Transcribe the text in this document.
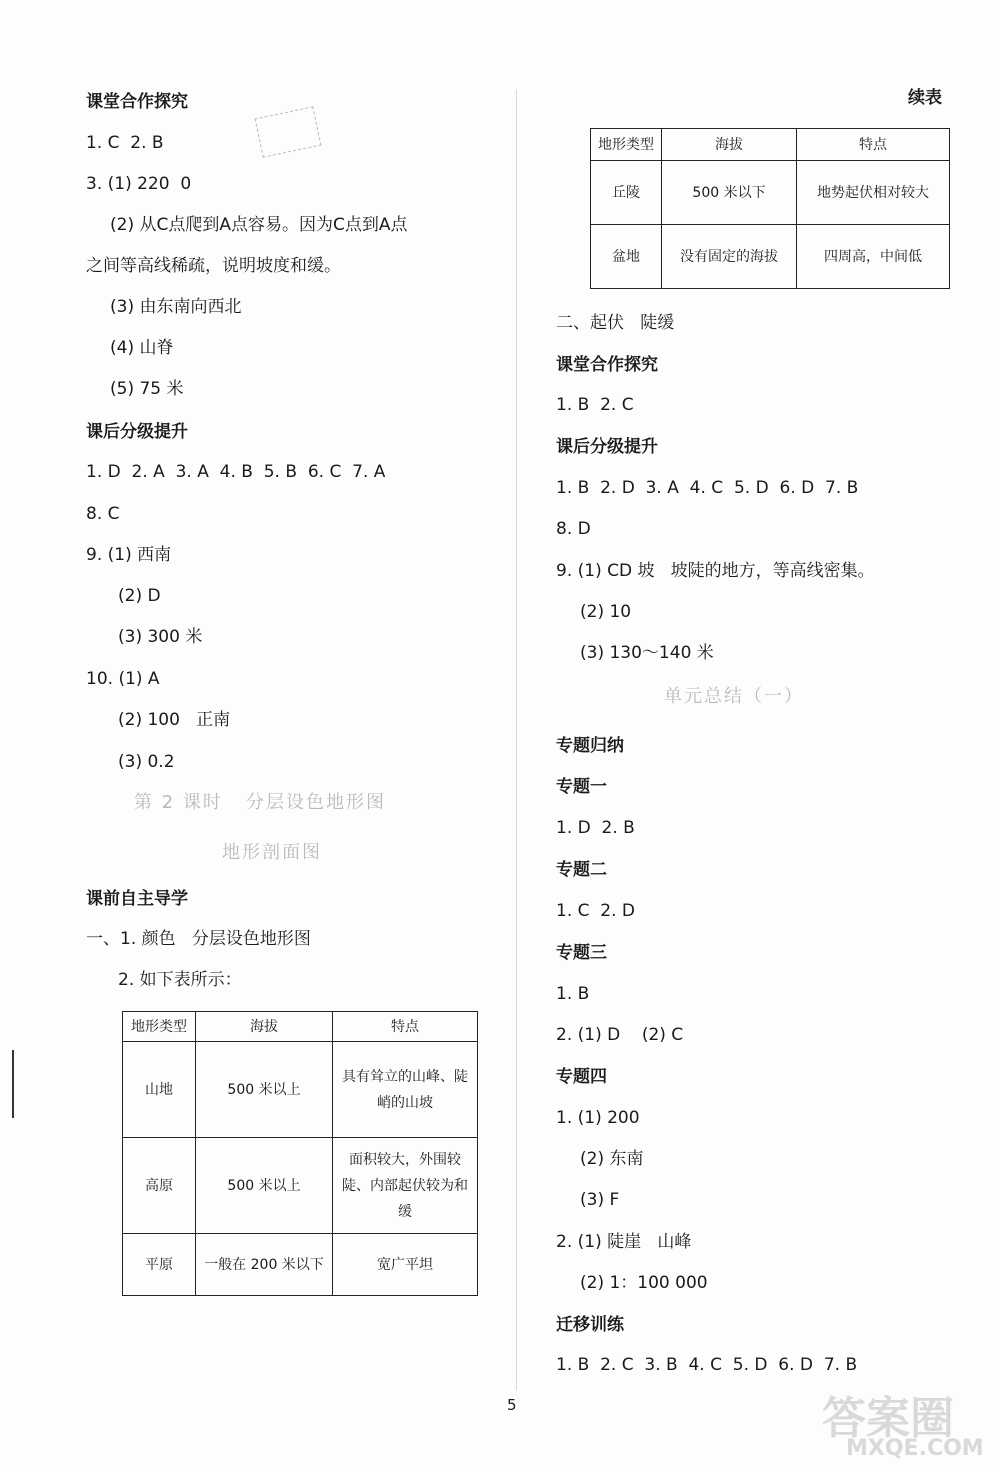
课堂合作探究
1. C  2. B
3. (1) 220  0
(2) 从C点爬到A点容易。因为C点到A点
之间等高线稀疏，说明坡度和缓。
(3) 由东南向西北
(4) 山脊
(5) 75 米
课后分级提升
1. D  2. A  3. A  4. B  5. B  6. C  7. A
8. C
9. (1) 西南
(2) D
(3) 300 米
10. (1) A
(2) 100   正南
(3) 0.2
第 2 课时   分层设色地形图
地形剖面图
课前自主导学
一、1. 颜色   分层设色地形图
2. 如下表所示：
地形类型	海拔	特点
山地	500 米以上	具有耸立的山峰、陡峭的山坡
高原	500 米以上	面积较大，外围较陡、内部起伏较为和缓
平原	一般在 200 米以下	宽广平坦
续表
地形类型	海拔	特点
丘陵	500 米以下	地势起伏相对较大
盆地	没有固定的海拔	四周高，中间低
二、起伏   陡缓
课堂合作探究
1. B  2. C
课后分级提升
1. B  2. D  3. A  4. C  5. D  6. D  7. B
8. D
9. (1) CD 坡   坡陡的地方，等高线密集。
(2) 10
(3) 130～140 米
单元总结（一）
专题归纳
专题一
1. D  2. B
专题二
1. C  2. D
专题三
1. B
2. (1) D    (2) C
专题四
1. (1) 200
(2) 东南
(3) F
2. (1) 陡崖   山峰
(2) 1：100 000
迁移训练
1. B  2. C  3. B  4. C  5. D  6. D  7. B
5	答案圈
MXQE.COM
